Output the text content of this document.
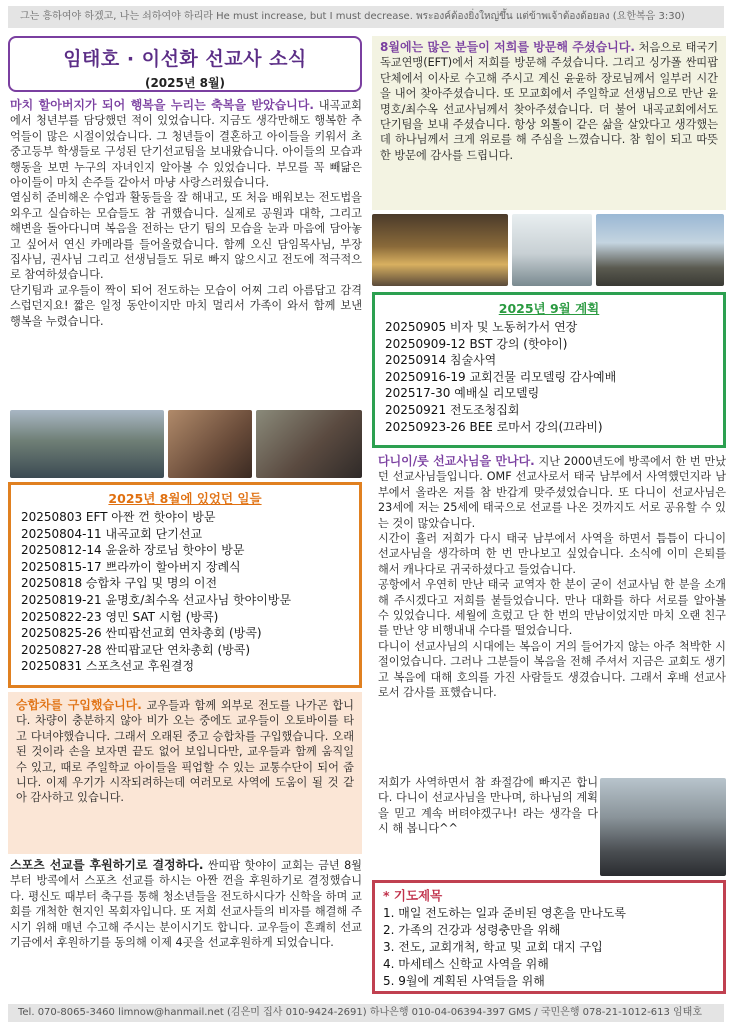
그는 흥하여야 하겠고, 나는 쇠하여야 하리라 He must increase, but I must decrease. พระองค์ต้องยิ่งใหญ่ขึ้น แต่ข้าพเจ้าต้องด้อยลง (요한복음 3:30)
임태호 · 이선화 선교사 소식
(2025년 8월)
마치 할아버지가 되어 행복을 누리는 축복을 받았습니다. 내곡교회에서 청년부를 담당했던 적이 있었습니다. 지금도 생각만해도 행복한 추억들이 많은 시절이었습니다. 그 청년들이 결혼하고 아이들을 키워서 초중고등부 학생들로 구성된 단기선교팀을 보내왔습니다. 아이들의 모습과 행동을 보면 누구의 자녀인지 알아볼 수 있었습니다. 부모를 꼭 빼닮은 아이들이 마치 손주들 같아서 마냥 사랑스러웠습니다.
열심히 준비해온 수업과 활동들을 잘 해내고, 또 처음 배워보는 전도법을 외우고 실습하는 모습들도 참 귀했습니다. 실제로 공원과 대학, 그리고 해변을 돌아다니며 복음을 전하는 단기 팀의 모습을 눈과 마음에 담아놓고 싶어서 연신 카메라를 들어올렸습니다. 함께 오신 담임목사님, 부장 집사님, 권사님 그리고 선생님들도 뒤로 빠지 않으시고 전도에 적극적으로 참여하셨습니다.
단기팀과 교우들이 짝이 되어 전도하는 모습이 어찌 그리 아름답고 감격스럽던지요! 짧은 일정 동안이지만 마치 멀리서 가족이 와서 함께 보낸 행복을 누렸습니다.
2025년 8월에 있었던 일들
20250803 EFT 아짠 껀 핫야이 방문
20250804-11 내곡교회 단기선교
20250812-14 윤윤하 장로님 핫야이 방문
20250815-17 쁘라까이 할아버지 장례식
20250818 승합차 구입 및 명의 이전
20250819-21 윤명호/최수옥 선교사님 핫야이방문
20250822-23 영민 SAT 시험 (방콕)
20250825-26 싼띠팝선교회 연차총회 (방콕)
20250827-28 싼띠팝교단 연차총회 (방콕)
20250831 스포츠선교 후원결정
승합차를 구입했습니다. 교우들과 함께 외부로 전도를 나가곤 합니다. 차량이 충분하지 않아 비가 오는 중에도 교우들이 오토바이를 타고 다녀야했습니다. 그래서 오래된 중고 승합차를 구입했습니다. 오래된 것이라 손을 보자면 끝도 없어 보입니다만, 교우들과 함께 움직일 수 있고, 때로 주일학교 아이들을 픽업할 수 있는 교통수단이 되어 줍니다. 이제 우기가 시작되려하는데 여러모로 사역에 도움이 될 것 같아 감사하고 있습니다.
스포츠 선교를 후원하기로 결정하다. 싼띠팝 핫야이 교회는 금년 8월부터 방콕에서 스포츠 선교를 하시는 아짠 껀을 후원하기로 결정했습니다. 평신도 때부터 축구를 통해 청소년들을 전도하시다가 신학을 하며 교회를 개척한 현지인 목회자입니다. 또 저희 선교사들의 비자를 해결해 주시기 위해 매년 수고해 주시는 분이시기도 합니다. 교우들이 흔쾌히 선교기금에서 후원하기를 동의해 이제 4곳을 선교후원하게 되었습니다.
8월에는 많은 분들이 저희를 방문해 주셨습니다. 처음으로 태국기독교연맹(EFT)에서 저희를 방문해 주셨습니다. 그리고 싱가폴 싼띠팝 단체에서 이사로 수고해 주시고 계신 윤윤하 장로님께서 일부러 시간을 내어 찾아주셨습니다. 또 모교회에서 주일학교 선생님으로 만난 윤명호/최수옥 선교사님께서 찾아주셨습니다. 더 불어 내곡교회에서도 단기팀을 보내 주셨습니다. 항상 외톨이 같은 삶을 살았다고 생각했는데 하나님께서 크게 위로를 해 주심을 느꼈습니다. 참 힘이 되고 따뜻한 방문에 감사를 드립니다.
2025년 9월 계획
20250905 비자 및 노동허가서 연장
20250909-12 BST 강의 (핫야이)
20250914 침술사역
20250916-19 교회건물 리모델링 감사예배
202517-30 예배실 리모델링
20250921 전도조청집회
20250923-26 BEE 로마서 강의(끄라비)
다니이/룻 선교사님을 만나다. 지난 2000년도에 방콕에서 한 번 만났던 선교사님들입니다. OMF 선교사로서 태국 남부에서 사역했던지라 남부에서 올라온 저를 참 반갑게 맞주셨었습니다. 또 다니이 선교사님은 23세에 저는 25세에 태국으로 선교를 나온 것까지도 서로 공유할 수 있는 것이 많았습니다.
시간이 흘러 저희가 다시 태국 남부에서 사역을 하면서 틈틈이 다니이 선교사님을 생각하며 한 번 만나보고 싶었습니다. 소식에 이미 은퇴를 해서 캐나다로 귀국하셨다고 들었습니다.
공항에서 우연히 만난 태국 교역자 한 분이 굳이 선교사님 한 분을 소개해 주시겠다고 저희를 붙들었습니다. 만나 대화를 하다 서로를 알아볼 수 있었습니다. 세월에 흐렀고 단 한 번의 만남이었지만 마치 오랜 친구를 만난 양 비행내내 수다를 떨었습니다.
다니이 선교사님의 시대에는 복음이 거의 들어가지 않는 아주 척박한 시절이었습니다. 그러나 그분들이 복음을 전해 주셔서 지금은 교회도 생기고 복음에 대해 호의를 가진 사람들도 생겼습니다. 그래서 후배 선교사로서 감사를 표했습니다.
저희가 사역하면서 참 좌절감에 빠지곤 합니다. 다니이 선교사님을 만나며, 하나님의 계획을 믿고 계속 버텨야겠구나! 라는 생각을 다시 해 봅니다^^
* 기도제목
1. 매일 전도하는 일과 준비된 영혼을 만나도록
2. 가족의 건강과 성령충만을 위해
3. 전도, 교회개척, 학교 및 교회 대지 구입
4. 마세테스 신학교 사역을 위해
5. 9월에 계획된 사역들을 위해
Tel. 070-8065-3460 limnow@hanmail.net (김은미 집사 010-9424-2691) 하나은행 010-04-06394-397 GMS / 국민은행 078-21-1012-613 임태호
